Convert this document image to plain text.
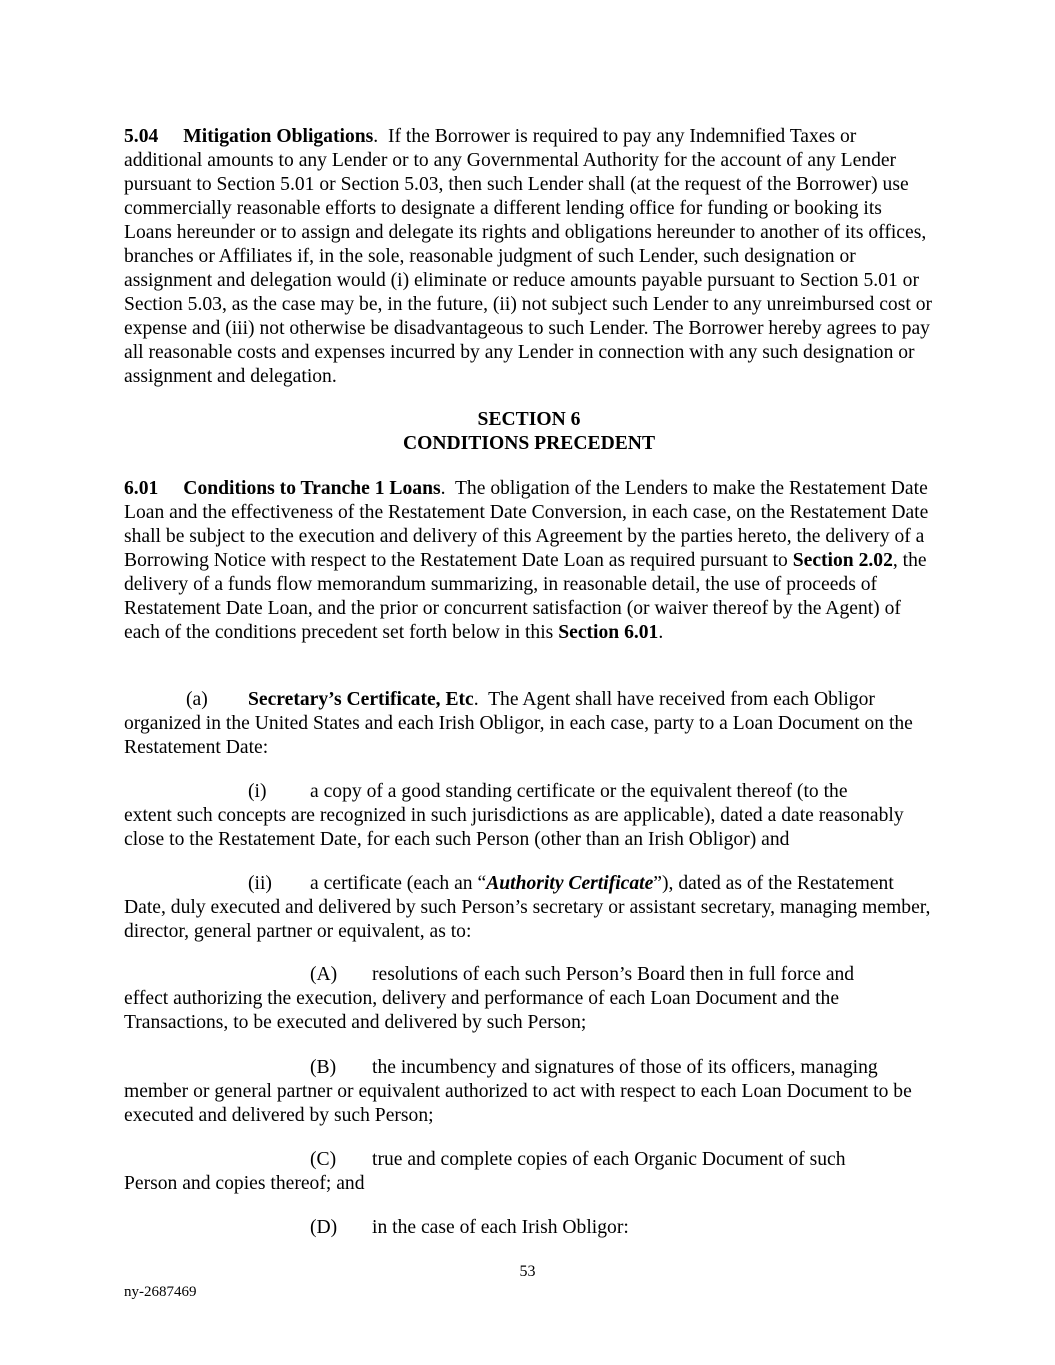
5.04 Mitigation Obligations.  If the Borrower is required to pay any Indemnified Taxes or additional amounts to any Lender or to any Governmental Authority for the account of any Lender pursuant to Section 5.01 or Section 5.03, then such Lender shall (at the request of the Borrower) use commercially reasonable efforts to designate a different lending office for funding or booking its Loans hereunder or to assign and delegate its rights and obligations hereunder to another of its offices, branches or Affiliates if, in the sole, reasonable judgment of such Lender, such designation or assignment and delegation would (i) eliminate or reduce amounts payable pursuant to Section 5.01 or Section 5.03, as the case may be, in the future, (ii) not subject such Lender to any unreimbursed cost or expense and (iii) not otherwise be disadvantageous to such Lender. The Borrower hereby agrees to pay all reasonable costs and expenses incurred by any Lender in connection with any such designation or assignment and delegation.

SECTION 6
CONDITIONS PRECEDENT

6.01 Conditions to Tranche 1 Loans.  The obligation of the Lenders to make the Restatement Date Loan and the effectiveness of the Restatement Date Conversion, in each case, on the Restatement Date shall be subject to the execution and delivery of this Agreement by the parties hereto, the delivery of a Borrowing Notice with respect to the Restatement Date Loan as required pursuant to Section 2.02, the delivery of a funds flow memorandum summarizing, in reasonable detail, the use of proceeds of Restatement Date Loan, and the prior or concurrent satisfaction (or waiver thereof by the Agent) of each of the conditions precedent set forth below in this Section 6.01.

(a) Secretary’s Certificate, Etc.  The Agent shall have received from each Obligor organized in the United States and each Irish Obligor, in each case, party to a Loan Document on the Restatement Date:

(i) a copy of a good standing certificate or the equivalent thereof (to the
extent such concepts are recognized in such jurisdictions as are applicable), dated a date reasonably close to the Restatement Date, for each such Person (other than an Irish Obligor) and

(ii) a certificate (each an “Authority Certificate”), dated as of the Restatement
Date, duly executed and delivered by such Person’s secretary or assistant secretary, managing member, director, general partner or equivalent, as to:

(A) resolutions of each such Person’s Board then in full force and
effect authorizing the execution, delivery and performance of each Loan Document and the Transactions, to be executed and delivered by such Person;

(B) the incumbency and signatures of those of its officers, managing
member or general partner or equivalent authorized to act with respect to each Loan Document to be executed and delivered by such Person;

(C) true and complete copies of each Organic Document of such
Person and copies thereof; and

(D) in the case of each Irish Obligor:

53
ny-2687469
